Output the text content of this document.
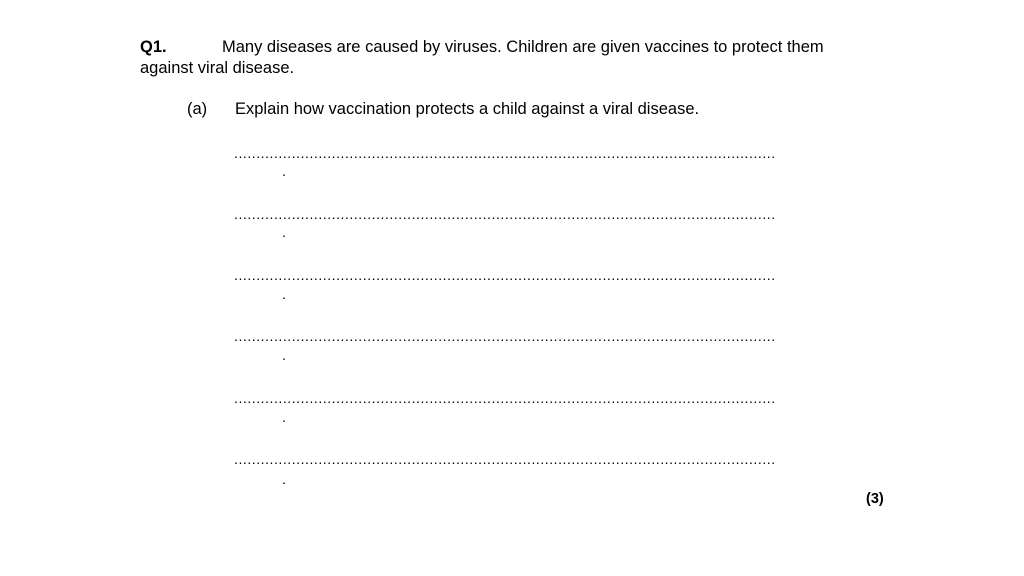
Q1.	Many diseases are caused by viruses. Children are given vaccines to protect them
against viral disease.
(a) Explain how vaccination protects a child against a viral disease.
..........................................................................................................................
.
..........................................................................................................................
.
..........................................................................................................................
.
..........................................................................................................................
.
..........................................................................................................................
.
..........................................................................................................................
.
(3)
